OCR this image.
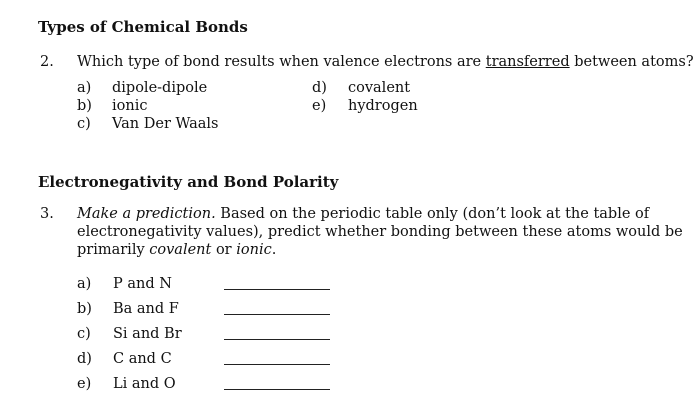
Types of Chemical Bonds
2. Which type of bond results when valence electrons are transferred between atoms?
a) dipole-dipole
b) ionic
c) Van Der Waals
d) covalent
e) hydrogen
Electronegativity and Bond Polarity
3. Make a prediction. Based on the periodic table only (don’t look at the table of
electronegativity values), predict whether bonding between these atoms would be
primarily covalent or ionic.
a) P and N
b) Ba and F
c) Si and Br
d) C and C
e) Li and O
